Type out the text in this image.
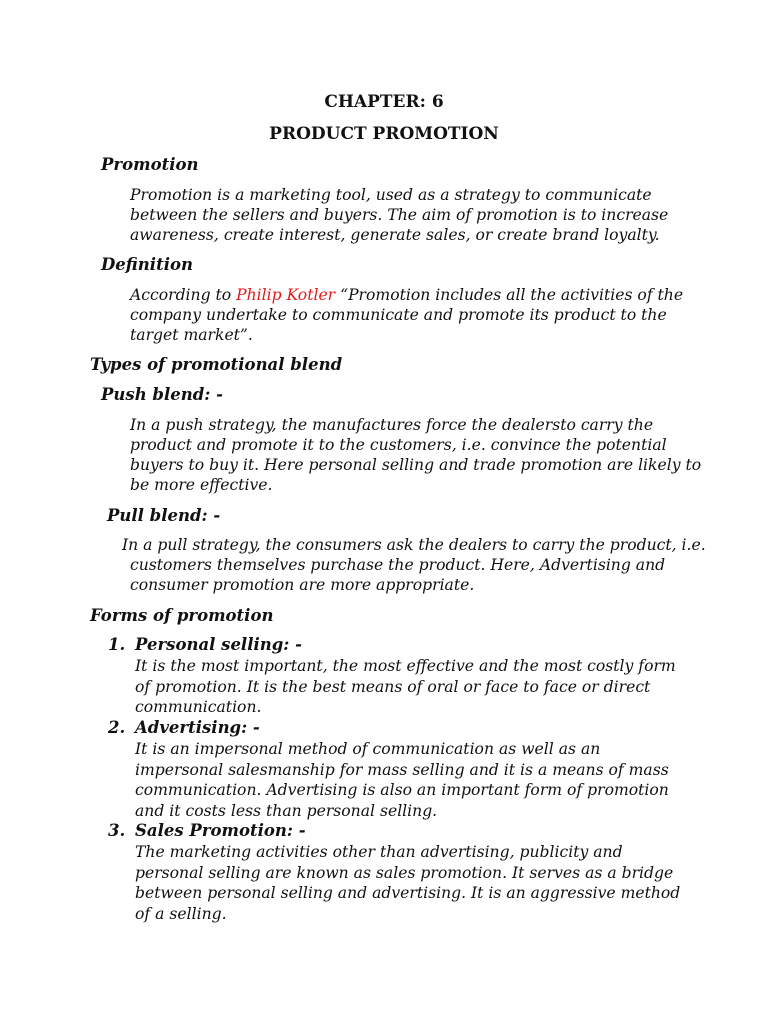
CHAPTER: 6
PRODUCT PROMOTION
Promotion
Promotion is a marketing tool, used as a strategy to communicate
between the sellers and buyers. The aim of promotion is to increase
awareness, create interest, generate sales, or create brand loyalty.
Definition
According to Philip Kotler “Promotion includes all the activities of the
company undertake to communicate and promote its product to the
target market”.
Types of promotional blend
Push blend: -
In a push strategy, the manufactures force the dealersto carry the
product and promote it to the customers, i.e. convince the potential
buyers to buy it. Here personal selling and trade promotion are likely to
be more effective.
Pull blend: -
In a pull strategy, the consumers ask the dealers to carry the product, i.e.
customers themselves purchase the product. Here, Advertising and
consumer promotion are more appropriate.
Forms of promotion
1. Personal selling: -
It is the most important, the most effective and the most costly form
of promotion. It is the best means of oral or face to face or direct
communication.
2. Advertising: -
It is an impersonal method of communication as well as an
impersonal salesmanship for mass selling and it is a means of mass
communication. Advertising is also an important form of promotion
and it costs less than personal selling.
3. Sales Promotion: -
The marketing activities other than advertising, publicity and
personal selling are known as sales promotion. It serves as a bridge
between personal selling and advertising. It is an aggressive method
of a selling.
